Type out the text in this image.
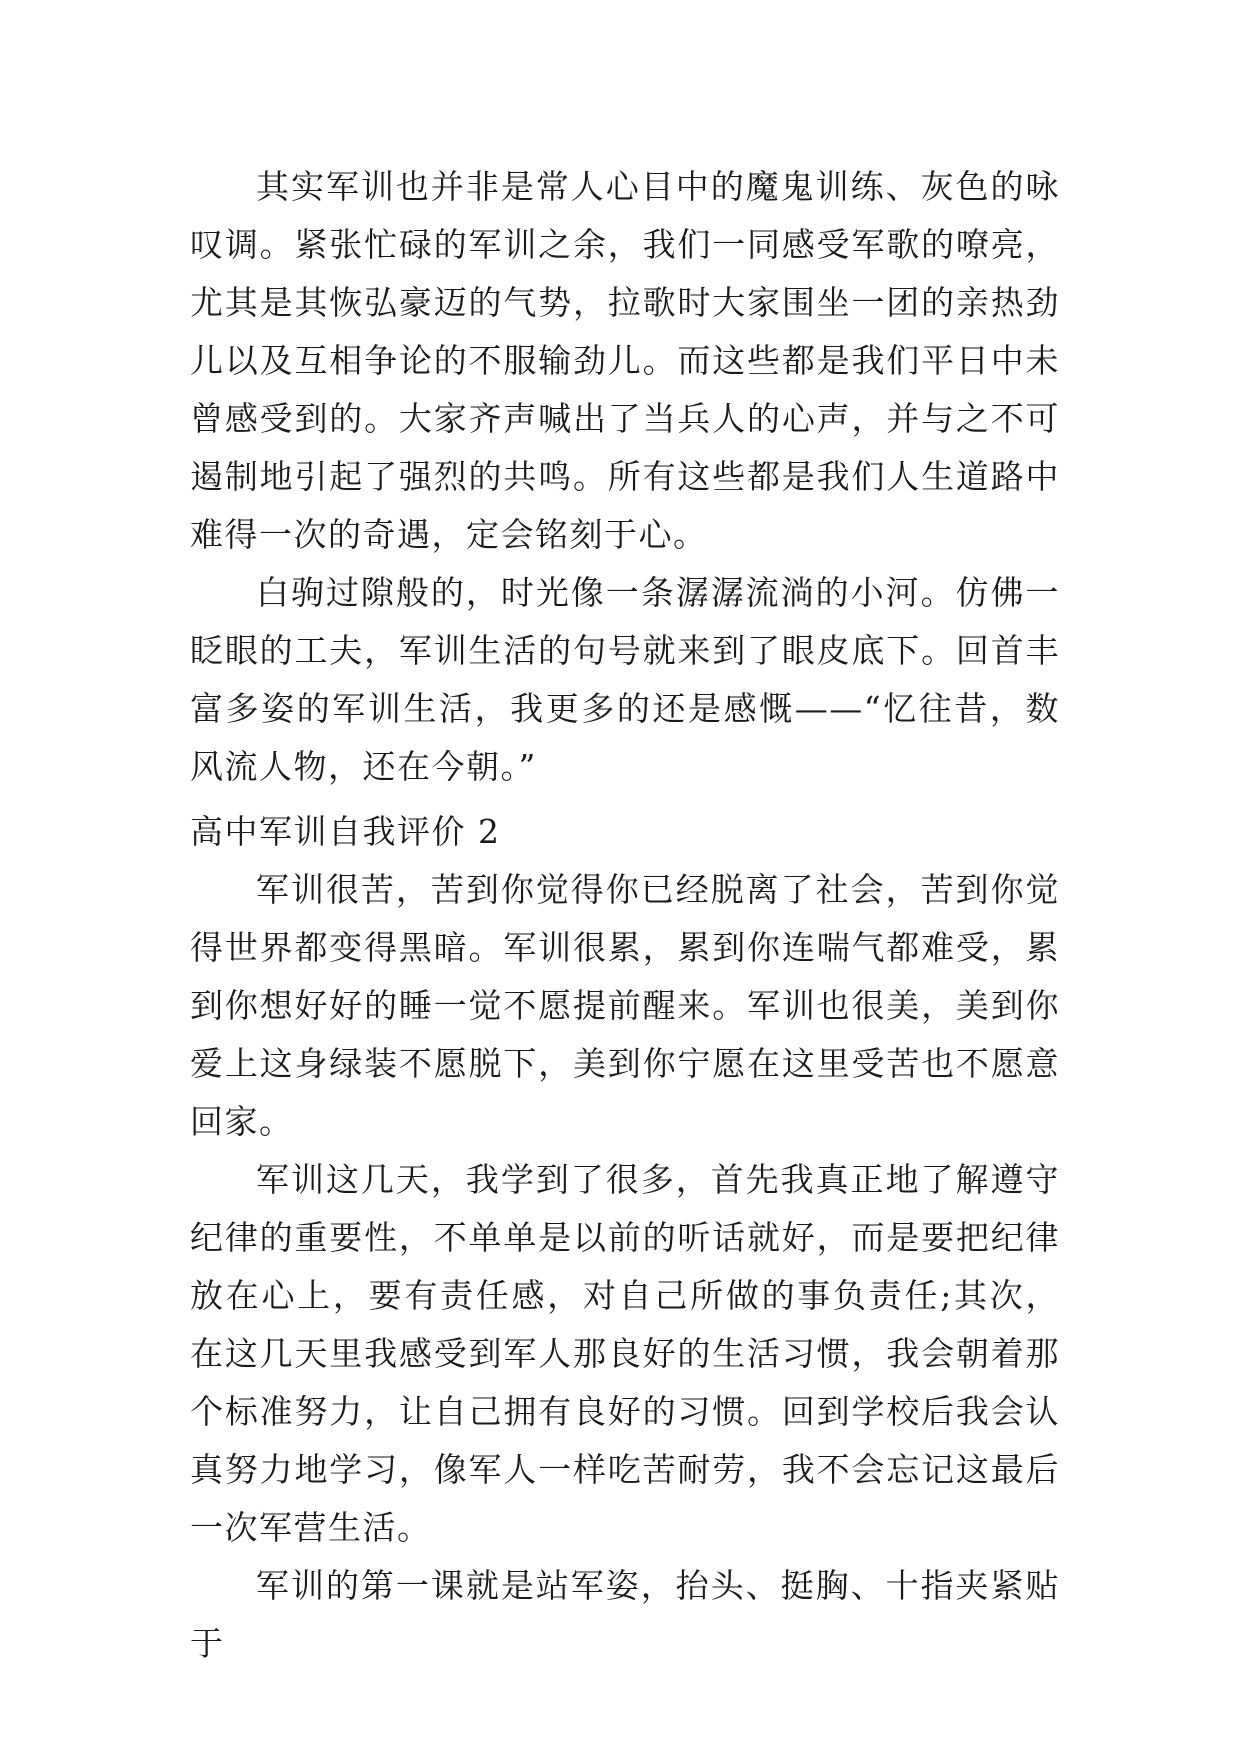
其实军训也并非是常人心目中的魔鬼训练、灰色的咏叹调。紧张忙碌的军训之余，我们一同感受军歌的嘹亮，尤其是其恢弘豪迈的气势，拉歌时大家围坐一团的亲热劲儿以及互相争论的不服输劲儿。而这些都是我们平日中未曾感受到的。大家齐声喊出了当兵人的心声，并与之不可遏制地引起了强烈的共鸣。所有这些都是我们人生道路中难得一次的奇遇，定会铭刻于心。

白驹过隙般的，时光像一条潺潺流淌的小河。仿佛一眨眼的工夫，军训生活的句号就来到了眼皮底下。回首丰富多姿的军训生活，我更多的还是感慨——“忆往昔，数风流人物，还在今朝。”

高中军训自我评价 2

军训很苦，苦到你觉得你已经脱离了社会，苦到你觉得世界都变得黑暗。军训很累，累到你连喘气都难受，累到你想好好的睡一觉不愿提前醒来。军训也很美，美到你爱上这身绿装不愿脱下，美到你宁愿在这里受苦也不愿意回家。

军训这几天，我学到了很多，首先我真正地了解遵守纪律的重要性，不单单是以前的听话就好，而是要把纪律放在心上，要有责任感，对自己所做的事负责任;其次，在这几天里我感受到军人那良好的生活习惯，我会朝着那个标准努力，让自己拥有良好的习惯。回到学校后我会认真努力地学习，像军人一样吃苦耐劳，我不会忘记这最后一次军营生活。

军训的第一课就是站军姿，抬头、挺胸、十指夹紧贴于
